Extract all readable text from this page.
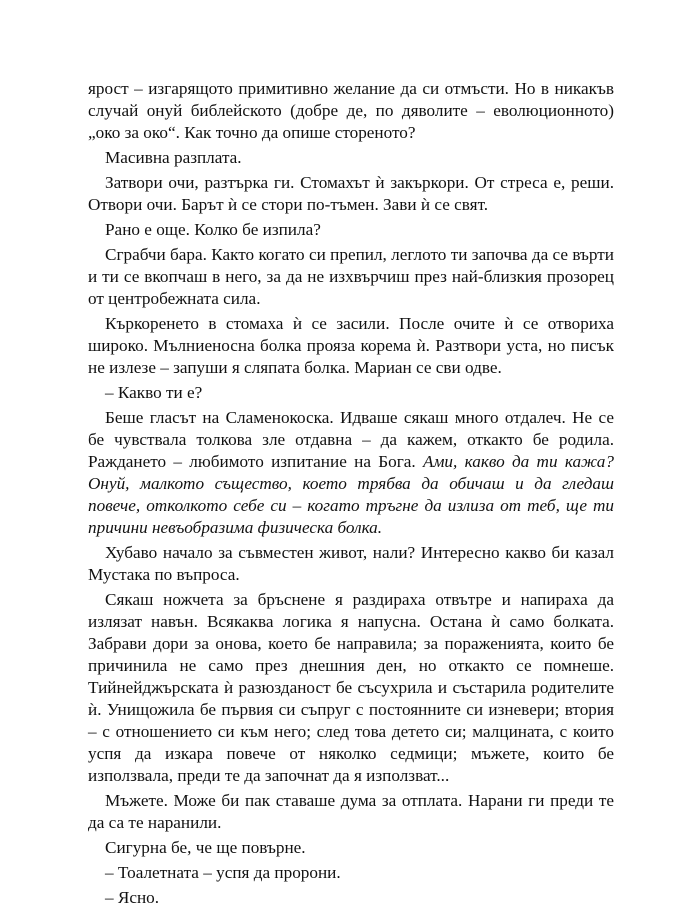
ярост – изгарящото примитивно желание да си отмъсти. Но в никакъв случай онуй библейското (добре де, по дяволите – еволюционното) „око за око“. Как точно да опише стореното?

Масивна разплата.

Затвори очи, разтърка ги. Стомахът ѝ закъркори. От стреса е, реши. Отвори очи. Барът ѝ се стори по-тъмен. Зави ѝ се свят.

Рано е още. Колко бе изпила?

Сграбчи бара. Както когато си препил, леглото ти започва да се върти и ти се вкопчаш в него, за да не изхвърчиш през най-близкия прозорец от центробежната сила.

Къркоренето в стомаха ѝ се засили. После очите ѝ се отвориха широко. Мълниеносна болка прояза корема ѝ. Разтвори уста, но писък не излезе – запуши я сляпата болка. Мариан се сви одве.

– Какво ти е?

Беше гласът на Сламенокоска. Идваше сякаш много отдалеч. Не се бе чувствала толкова зле отдавна – да кажем, откакто бе родила. Раждането – любимото изпитание на Бога. Ами, какво да ти кажа? Онуй, малкото същество, което трябва да обичаш и да гледаш повече, отколкото себе си – когато тръгне да излиза от теб, ще ти причини невъобразима физическа болка.

Хубаво начало за съвместен живот, нали? Интересно какво би казал Мустака по въпроса.

Сякаш ножчета за бръснене я раздираха отвътре и напираха да излязат навън. Всякаква логика я напусна. Остана ѝ само болката. Забрави дори за онова, което бе направила; за пораженията, които бе причинила не само през днешния ден, но откакто се помнеше. Тийнейджърската ѝ разюзданост бе съсухрила и състарила родителите ѝ. Унищожила бе първия си съпруг с постоянните си изневери; втория – с отношението си към него; след това детето си; малцината, с които успя да изкара повече от няколко седмици; мъжете, които бе използвала, преди те да започнат да я използват...

Мъжете. Може би пак ставаше дума за отплата. Нарани ги преди те да са те наранили.

Сигурна бе, че ще повърне.

– Тоалетната – успя да пророни.

– Ясно.
